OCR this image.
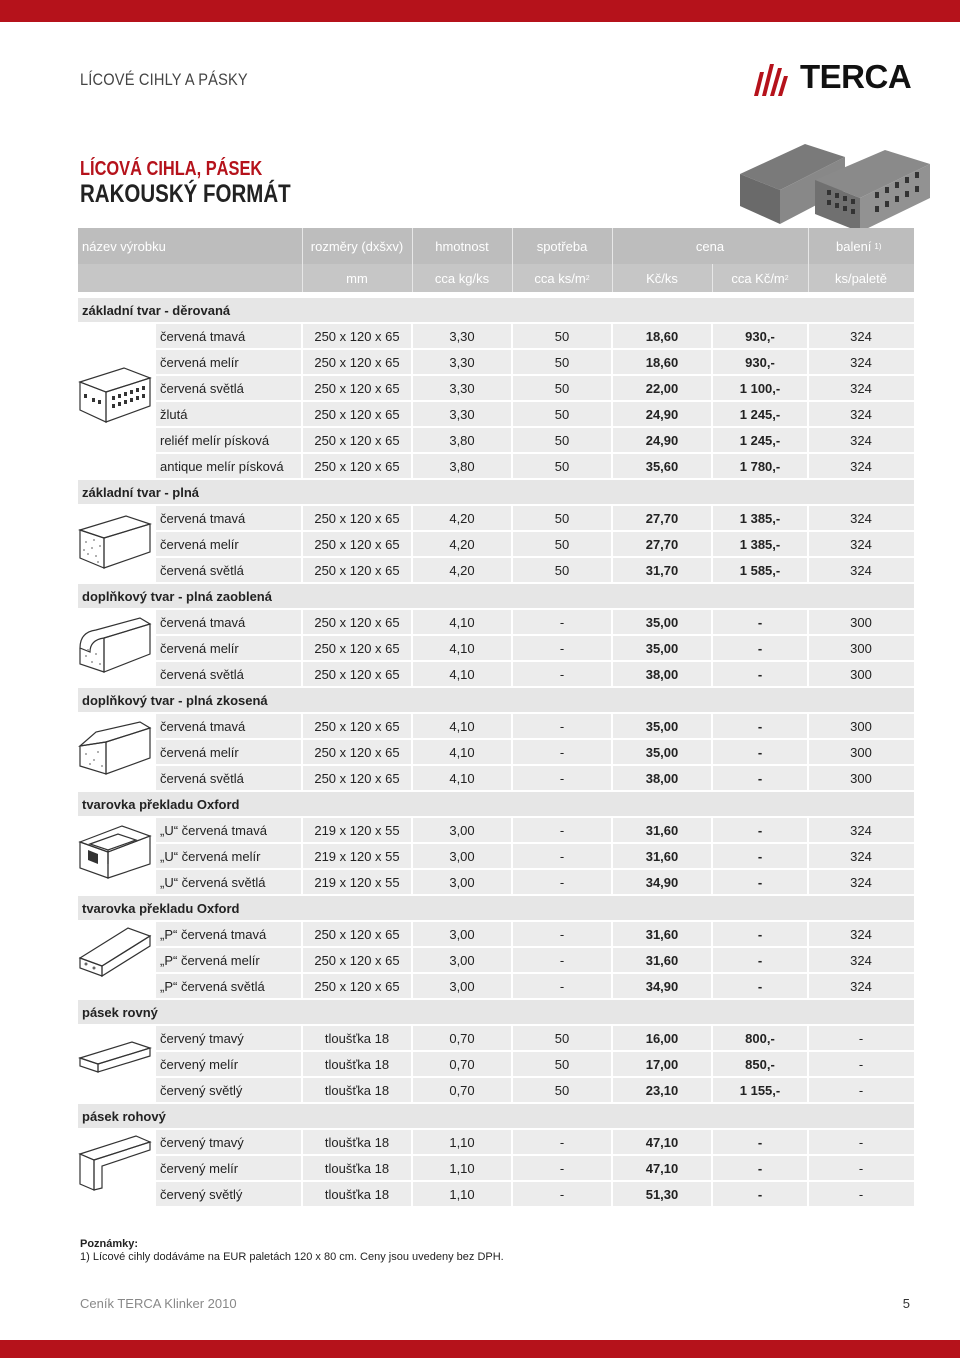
LÍCOVÉ CIHLY A PÁSKY	TERCA
LÍCOVÁ CIHLA, PÁSEK
RAKOUSKÝ FORMÁT
název výrobku	rozměry (dxšxv)	hmotnost	spotřeba	cena	balení 1)
mm	cca kg/ks	cca ks/m 2	Kč/ks	cca Kč/m 2	ks/paletě
základní tvar - děrovaná
červená tmavá	250 x 120 x 65	3,30	50	18,60	930,-	324
červená melír	250 x 120 x 65	3,30	50	18,60	930,-	324
červená světlá	250 x 120 x 65	3,30	50	22,00	1 100,-	324
žlutá	250 x 120 x 65	3,30	50	24,90	1 245,-	324
reliéf melír písková	250 x 120 x 65	3,80	50	24,90	1 245,-	324
antique melír písková	250 x 120 x 65	3,80	50	35,60	1 780,-	324
základní tvar - plná
červená tmavá	250 x 120 x 65	4,20	50	27,70	1 385,-	324
červená melír	250 x 120 x 65	4,20	50	27,70	1 385,-	324
červená světlá	250 x 120 x 65	4,20	50	31,70	1 585,-	324
doplňkový tvar - plná zaoblená
červená tmavá	250 x 120 x 65	4,10	-	35,00	-	300
červená melír	250 x 120 x 65	4,10	-	35,00	-	300
červená světlá	250 x 120 x 65	4,10	-	38,00	-	300
doplňkový tvar - plná zkosená
červená tmavá	250 x 120 x 65	4,10	-	35,00	-	300
červená melír	250 x 120 x 65	4,10	-	35,00	-	300
červená světlá	250 x 120 x 65	4,10	-	38,00	-	300
tvarovka překladu Oxford
„U“ červená tmavá	219 x 120 x 55	3,00	-	31,60	-	324
„U“ červená melír	219 x 120 x 55	3,00	-	31,60	-	324
„U“ červená světlá	219 x 120 x 55	3,00	-	34,90	-	324
tvarovka překladu Oxford
„P“ červená tmavá	250 x 120 x 65	3,00	-	31,60	-	324
„P“ červená melír	250 x 120 x 65	3,00	-	31,60	-	324
„P“ červená světlá	250 x 120 x 65	3,00	-	34,90	-	324
pásek rovný
červený tmavý	tloušťka 18	0,70	50	16,00	800,-	-
červený melír	tloušťka 18	0,70	50	17,00	850,-	-
červený světlý	tloušťka 18	0,70	50	23,10	1 155,-	-
pásek rohový
červený tmavý	tloušťka 18	1,10	-	47,10	-	-
červený melír	tloušťka 18	1,10	-	47,10	-	-
červený světlý	tloušťka 18	1,10	-	51,30	-	-
Poznámky:
1) Lícové cihly dodáváme na EUR paletách 120 x 80 cm. Ceny jsou uvedeny bez DPH.
Ceník TERCA Klinker 2010	5
